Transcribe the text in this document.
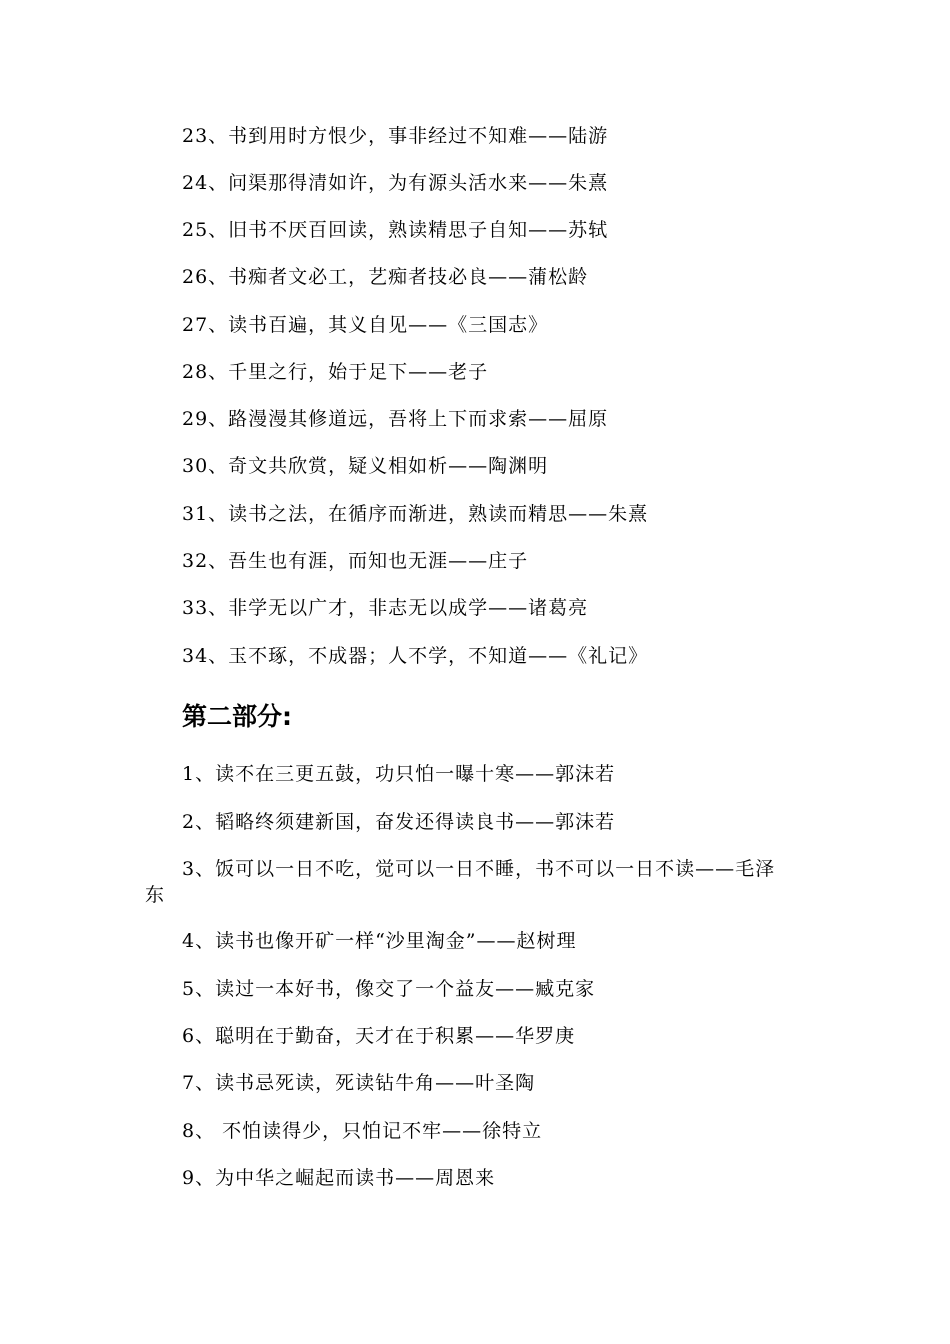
23、书到用时方恨少，事非经过不知难——陆游
24、问渠那得清如许，为有源头活水来——朱熹
25、旧书不厌百回读，熟读精思子自知——苏轼
26、书痴者文必工，艺痴者技必良——蒲松龄
27、读书百遍，其义自见——《三国志》
28、千里之行，始于足下——老子
29、路漫漫其修道远，吾将上下而求索——屈原
30、奇文共欣赏，疑义相如析——陶渊明
31、读书之法，在循序而渐进，熟读而精思——朱熹
32、吾生也有涯，而知也无涯——庄子
33、非学无以广才，非志无以成学——诸葛亮
34、玉不琢，不成器；人不学，不知道——《礼记》
第二部分:
1、读不在三更五鼓，功只怕一曝十寒——郭沫若
2、韬略终须建新国，奋发还得读良书——郭沫若
3、饭可以一日不吃，觉可以一日不睡，书不可以一日不读——毛泽
东
4、读书也像开矿一样“沙里淘金”——赵树理
5、读过一本好书，像交了一个益友——臧克家
6、聪明在于勤奋，天才在于积累——华罗庚
7、读书忌死读，死读钻牛角——叶圣陶
8、 不怕读得少，只怕记不牢——徐特立
9、为中华之崛起而读书——周恩来
